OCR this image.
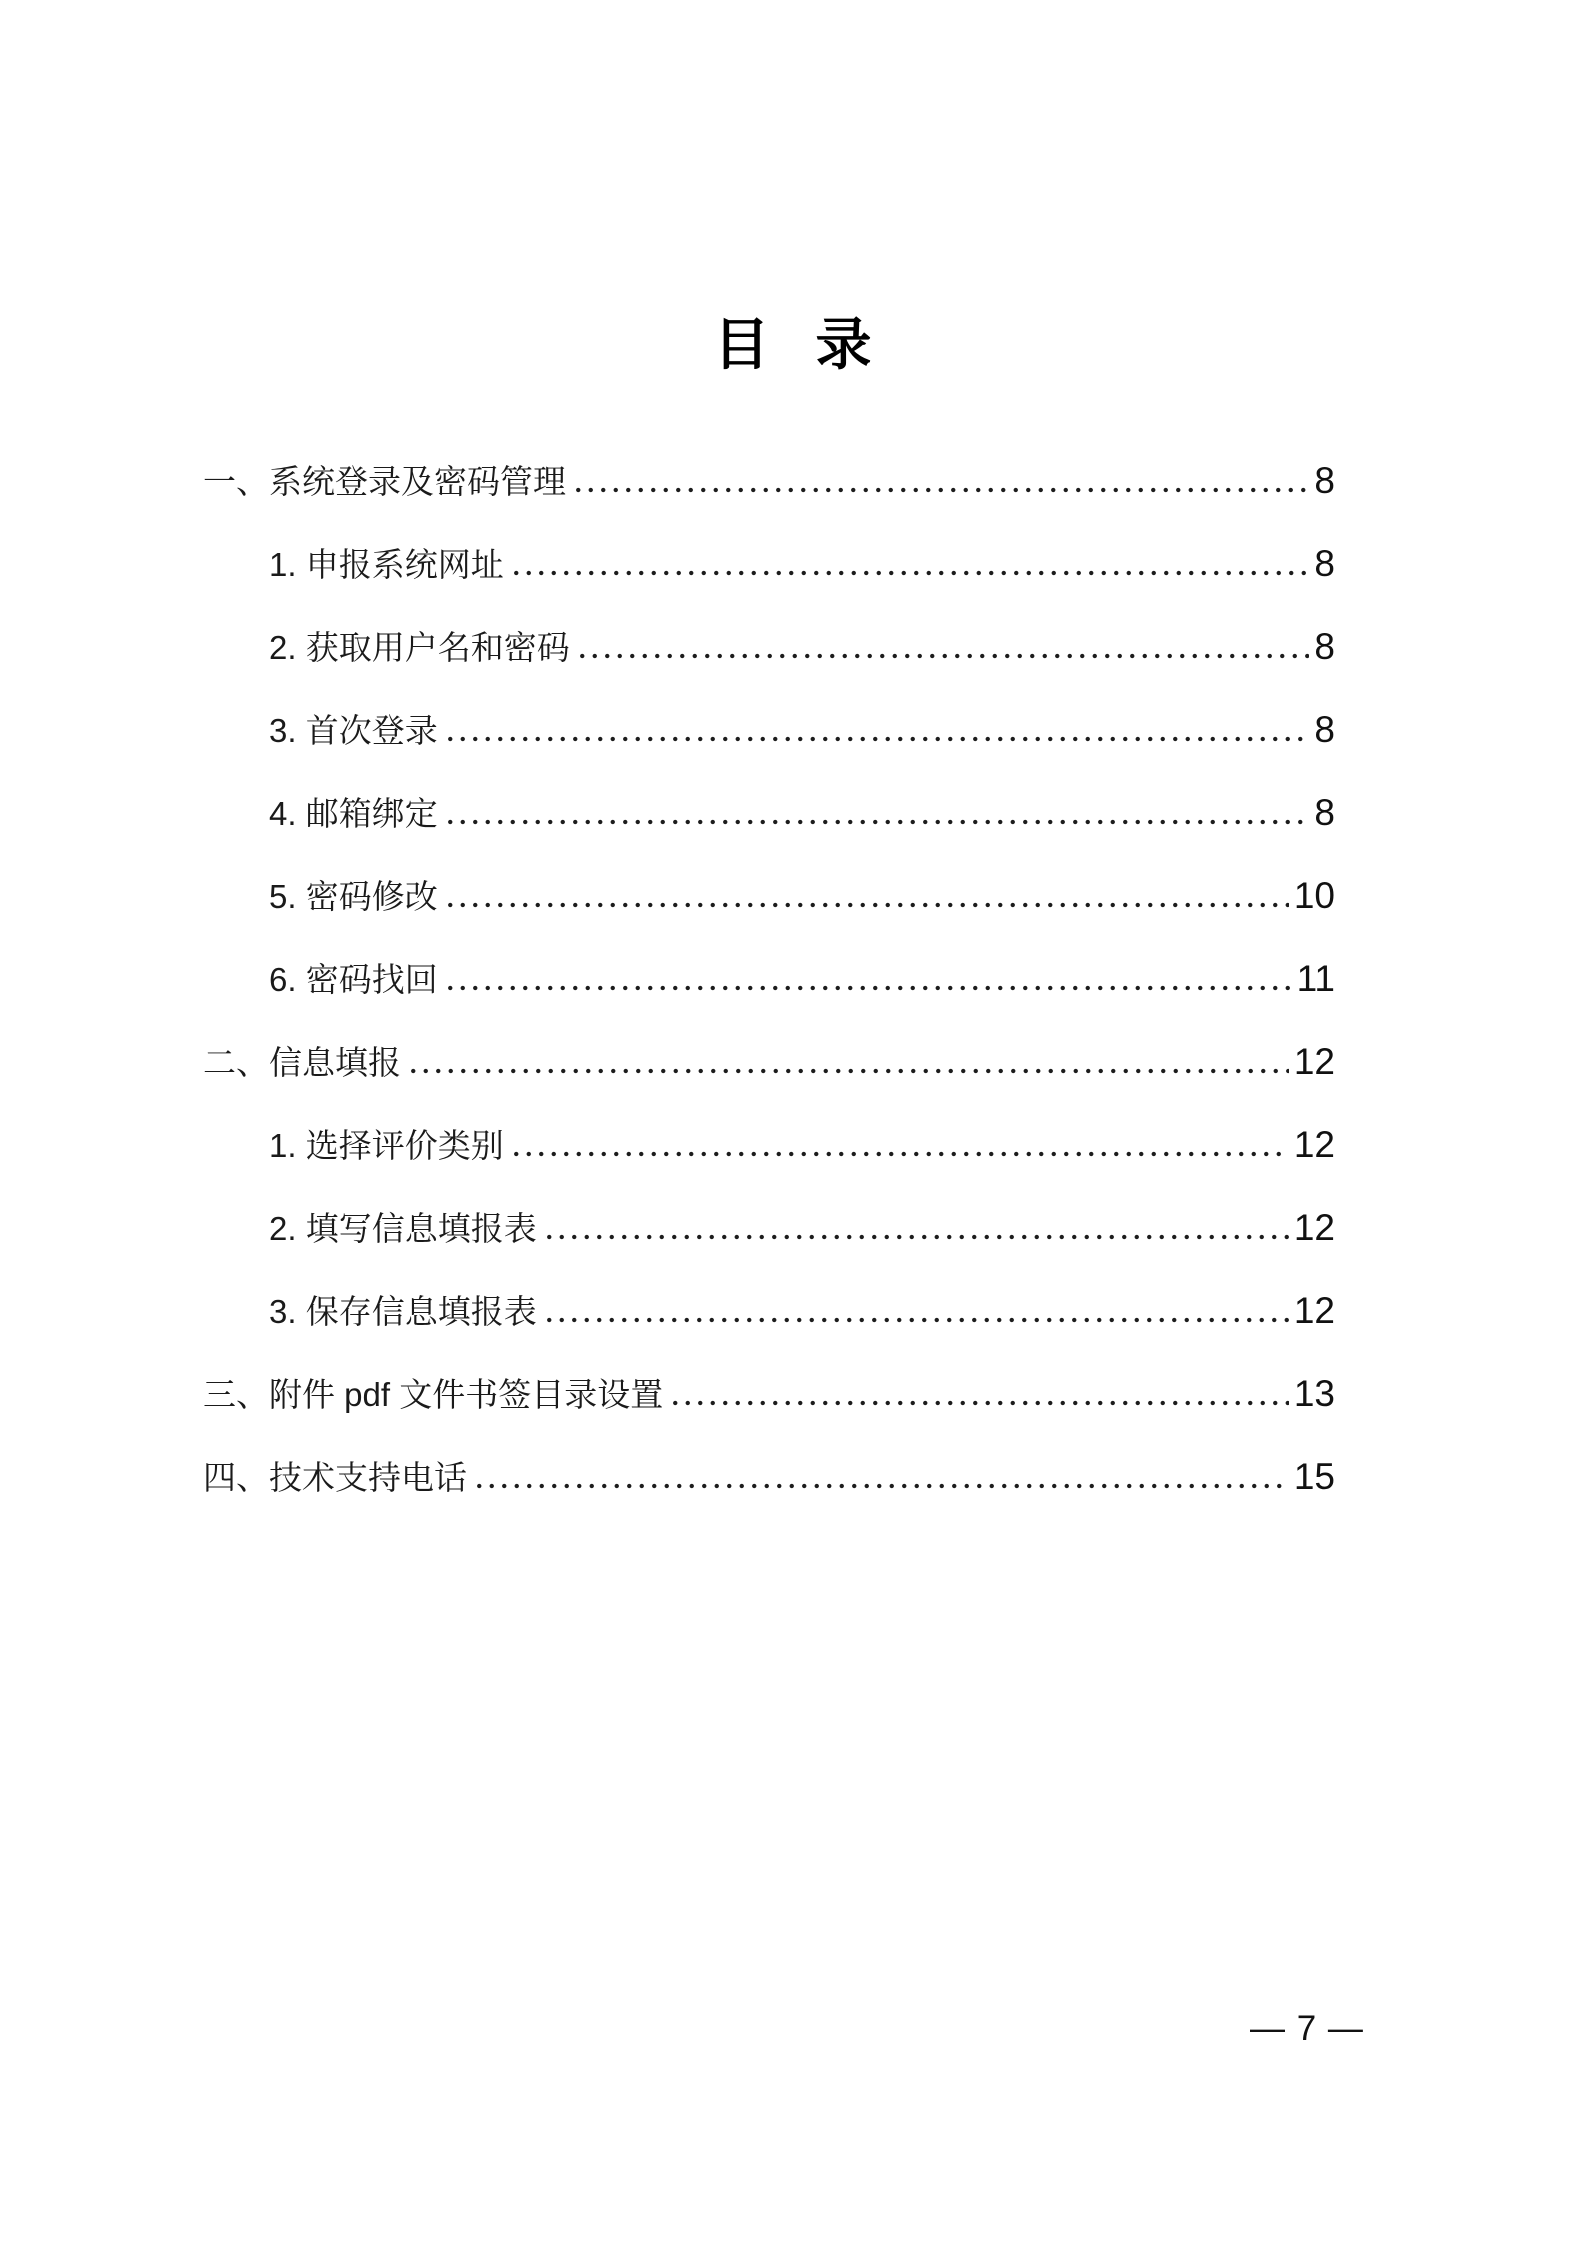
目 录
一、系统登录及密码管理	8
1. 申报系统网址	8
2. 获取用户名和密码	8
3. 首次登录	8
4. 邮箱绑定	8
5. 密码修改	10
6. 密码找回	11
二、信息填报	12
1. 选择评价类别	12
2. 填写信息填报表	12
3. 保存信息填报表	12
三、附件 pdf 文件书签目录设置	13
四、技术支持电话	15
— 7 —
